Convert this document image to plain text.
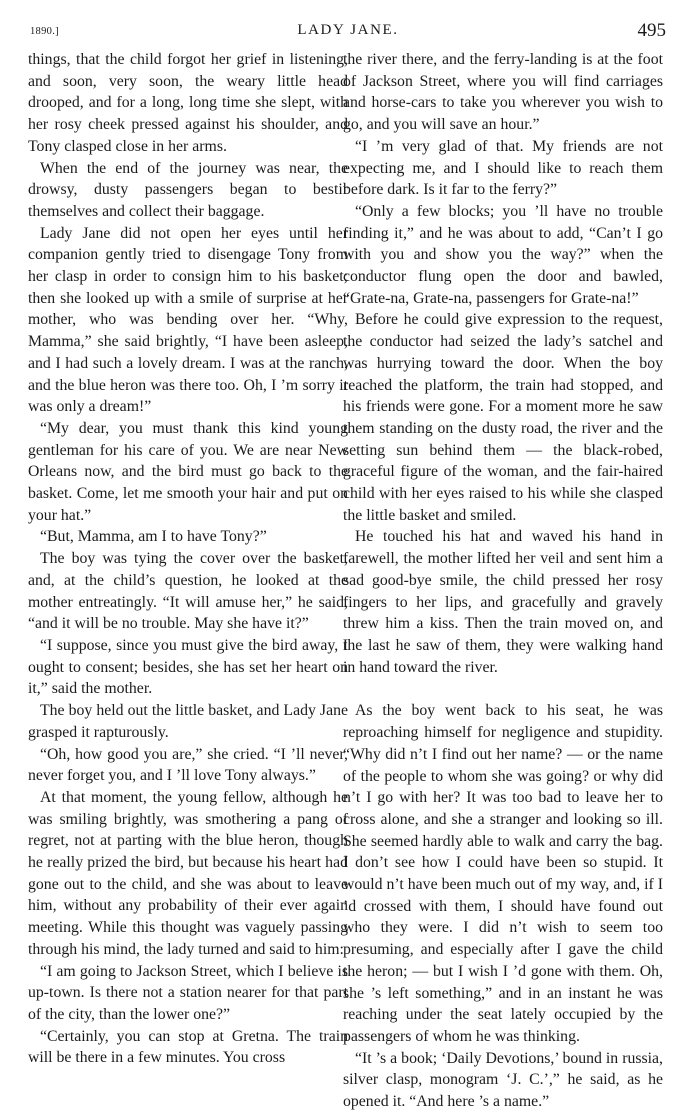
1890.]	LADY JANE.	495

things, that the child forgot her grief in listening, and soon, very soon, the weary little head drooped, and for a long, long time she slept, with her rosy cheek pressed against his shoulder, and Tony clasped close in her arms.

When the end of the journey was near, the drowsy, dusty passengers began to bestir themselves and collect their baggage.

Lady Jane did not open her eyes until her companion gently tried to disengage Tony from her clasp in order to consign him to his basket; then she looked up with a smile of surprise at her mother, who was bending over her. “Why, Mamma,” she said brightly, “I have been asleep, and I had such a lovely dream. I was at the ranch, and the blue heron was there too. Oh, I ’m sorry it was only a dream!”

“My dear, you must thank this kind young gentleman for his care of you. We are near New Orleans now, and the bird must go back to the basket. Come, let me smooth your hair and put on your hat.”

“But, Mamma, am I to have Tony?”

The boy was tying the cover over the basket, and, at the child’s question, he looked at the mother entreatingly. “It will amuse her,” he said, “and it will be no trouble. May she have it?”

“I suppose, since you must give the bird away, I ought to consent; besides, she has set her heart on it,” said the mother.

The boy held out the little basket, and Lady Jane grasped it rapturously.

“Oh, how good you are,” she cried. “I ’ll never, never forget you, and I ’ll love Tony always.”

At that moment, the young fellow, although he was smiling brightly, was smothering a pang of regret, not at parting with the blue heron, though he really prized the bird, but because his heart had gone out to the child, and she was about to leave him, without any probability of their ever again meeting. While this thought was vaguely passing through his mind, the lady turned and said to him:

“I am going to Jackson Street, which I believe is up-town. Is there not a station nearer for that part of the city, than the lower one?”

“Certainly, you can stop at Gretna. The train will be there in a few minutes. You cross

the river there, and the ferry-landing is at the foot of Jackson Street, where you will find carriages and horse-cars to take you wherever you wish to go, and you will save an hour.”

“I ’m very glad of that. My friends are not expecting me, and I should like to reach them before dark. Is it far to the ferry?”

“Only a few blocks; you ’ll have no trouble finding it,” and he was about to add, “Can’t I go with you and show you the way?” when the conductor flung open the door and bawled, “Grate-na, Grate-na, passengers for Grate-na!”

Before he could give expression to the request, the conductor had seized the lady’s satchel and was hurrying toward the door. When the boy reached the platform, the train had stopped, and his friends were gone. For a moment more he saw them standing on the dusty road, the river and the setting sun behind them — the black-robed, graceful figure of the woman, and the fair-haired child with her eyes raised to his while she clasped the little basket and smiled.

He touched his hat and waved his hand in farewell, the mother lifted her veil and sent him a sad good-bye smile, the child pressed her rosy fingers to her lips, and gracefully and gravely threw him a kiss. Then the train moved on, and the last he saw of them, they were walking hand in hand toward the river.

As the boy went back to his seat, he was reproaching himself for negligence and stupidity. “Why did n’t I find out her name? — or the name of the people to whom she was going? or why did n’t I go with her? It was too bad to leave her to cross alone, and she a stranger and looking so ill. She seemed hardly able to walk and carry the bag. I don’t see how I could have been so stupid. It would n’t have been much out of my way, and, if I ’d crossed with them, I should have found out who they were. I did n’t wish to seem too presuming, and especially after I gave the child the heron; — but I wish I ’d gone with them. Oh, she ’s left something,” and in an instant he was reaching under the seat lately occupied by the passengers of whom he was thinking.

“It ’s a book; ‘Daily Devotions,’ bound in russia, silver clasp, monogram ‘J. C.’,” he said, as he opened it. “And here ’s a name.”
